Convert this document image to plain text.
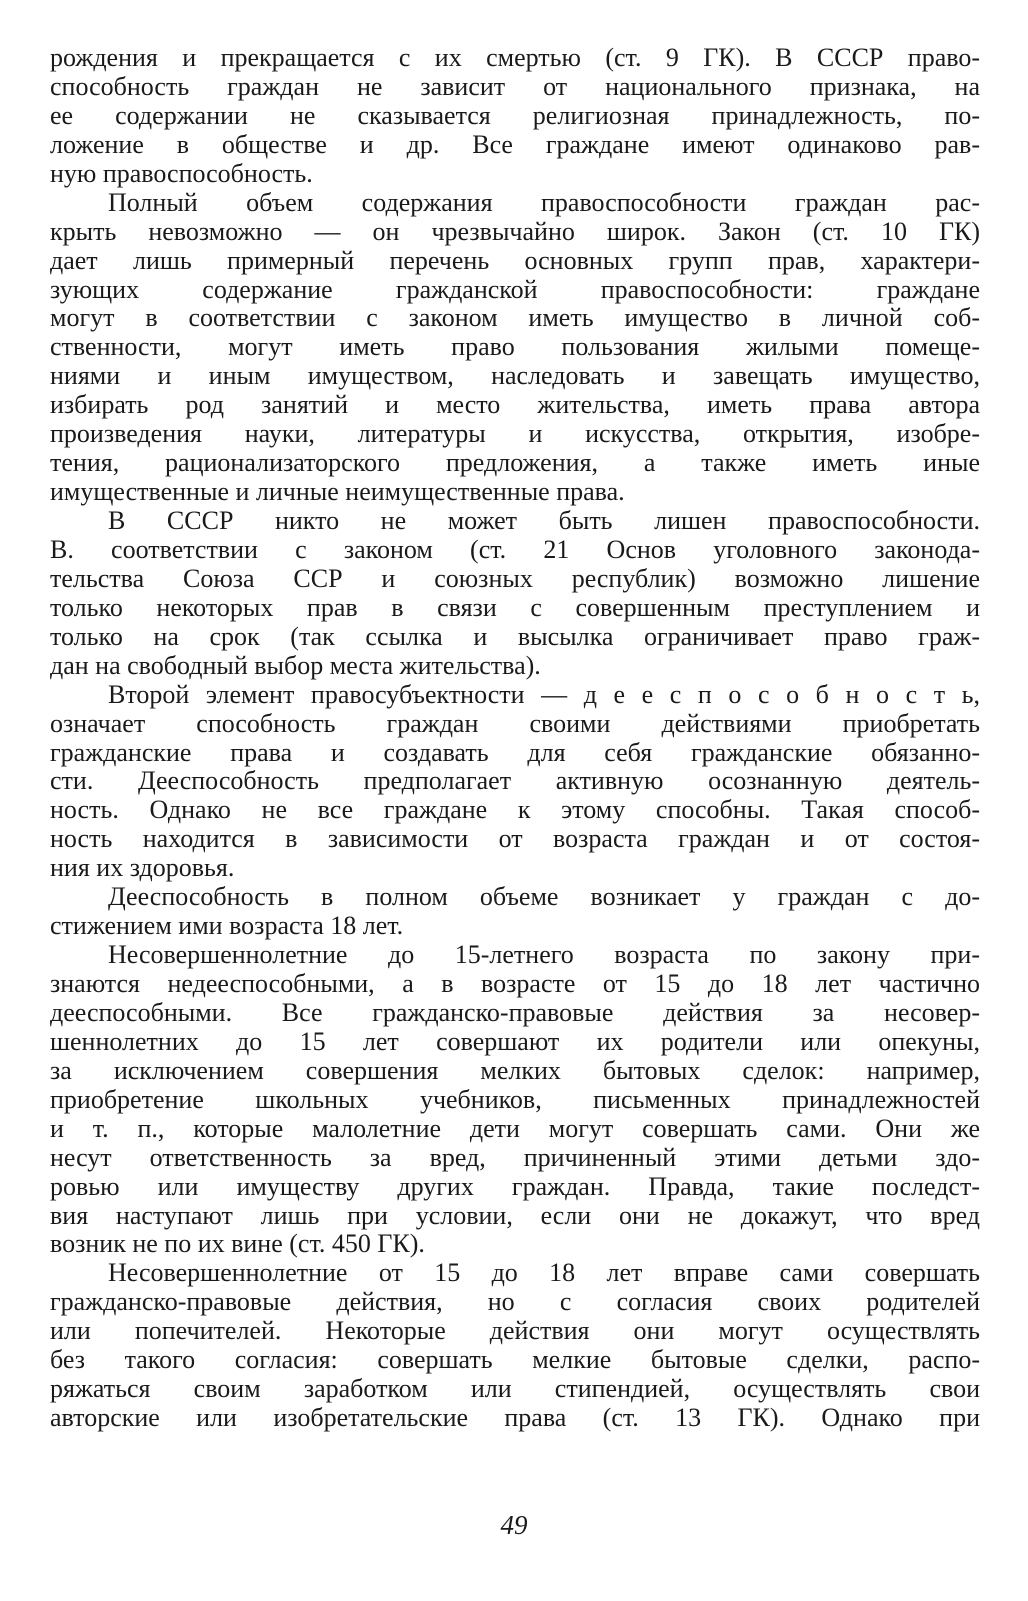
рождения и прекращается с их смертью (ст. 9 ГК). В СССР право-
способность граждан не зависит от национального признака, на
ее содержании не сказывается религиозная принадлежность, по-
ложение в обществе и др. Все граждане имеют одинаково рав-
ную правоспособность.
Полный объем содержания правоспособности граждан рас-
крыть невозможно — он чрезвычайно широк. Закон (ст. 10 ГК)
дает лишь примерный перечень основных групп прав, характери-
зующих содержание гражданской правоспособности: граждане
могут в соответствии с законом иметь имущество в личной соб-
ственности, могут иметь право пользования жилыми помеще-
ниями и иным имуществом, наследовать и завещать имущество,
избирать род занятий и место жительства, иметь права автора
произведения науки, литературы и искусства, открытия, изобре-
тения, рационализаторского предложения, а также иметь иные
имущественные и личные неимущественные права.
В СССР никто не может быть лишен правоспособности.
В. соответствии с законом (ст. 21 Основ уголовного законода-
тельства Союза ССР и союзных республик) возможно лишение
только некоторых прав в связи с совершенным преступлением и
только на срок (так ссылка и высылка ограничивает право граж-
дан на свободный выбор места жительства).
Второй элемент правосубъектности — д е е с п о с о б н о с т ь,
означает способность граждан своими действиями приобретать
гражданские права и создавать для себя гражданские обязанно-
сти. Дееспособность предполагает активную осознанную деятель-
ность. Однако не все граждане к этому способны. Такая способ-
ность находится в зависимости от возраста граждан и от состоя-
ния их здоровья.
Дееспособность в полном объеме возникает у граждан с до-
стижением ими возраста 18 лет.
Несовершеннолетние до 15-летнего возраста по закону при-
знаются недееспособными, а в возрасте от 15 до 18 лет частично
дееспособными. Все гражданско-правовые действия за несовер-
шеннолетних до 15 лет совершают их родители или опекуны,
за исключением совершения мелких бытовых сделок: например,
приобретение школьных учебников, письменных принадлежностей
и т. п., которые малолетние дети могут совершать сами. Они же
несут ответственность за вред, причиненный этими детьми здо-
ровью или имуществу других граждан. Правда, такие последст-
вия наступают лишь при условии, если они не докажут, что вред
возник не по их вине (ст. 450 ГК).
Несовершеннолетние от 15 до 18 лет вправе сами совершать
гражданско-правовые действия, но с согласия своих родителей
или попечителей. Некоторые действия они могут осуществлять
без такого согласия: совершать мелкие бытовые сделки, распо-
ряжаться своим заработком или стипендией, осуществлять свои
авторские или изобретательские права (ст. 13 ГК). Однако при
49
